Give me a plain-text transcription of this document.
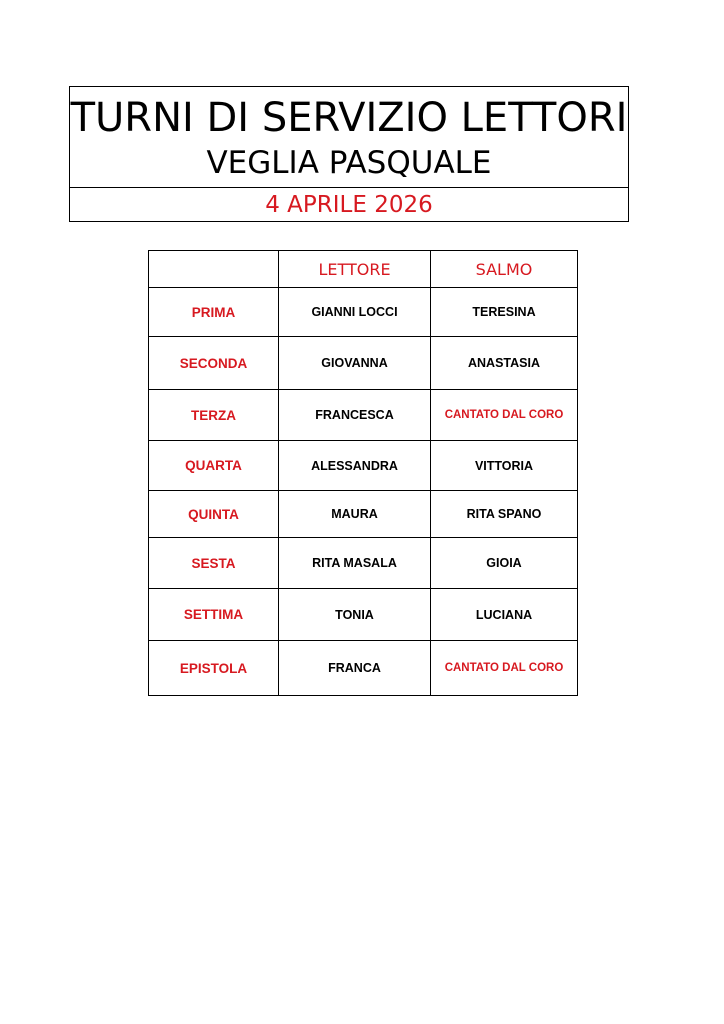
TURNI DI SERVIZIO LETTORI
VEGLIA PASQUALE
4 APRILE 2026
	LETTORE	SALMO
PRIMA	GIANNI LOCCI	TERESINA
SECONDA	GIOVANNA	ANASTASIA
TERZA	FRANCESCA	CANTATO DAL CORO
QUARTA	ALESSANDRA	VITTORIA
QUINTA	MAURA	RITA SPANO
SESTA	RITA MASALA	GIOIA
SETTIMA	TONIA	LUCIANA
EPISTOLA	FRANCA	CANTATO DAL CORO
